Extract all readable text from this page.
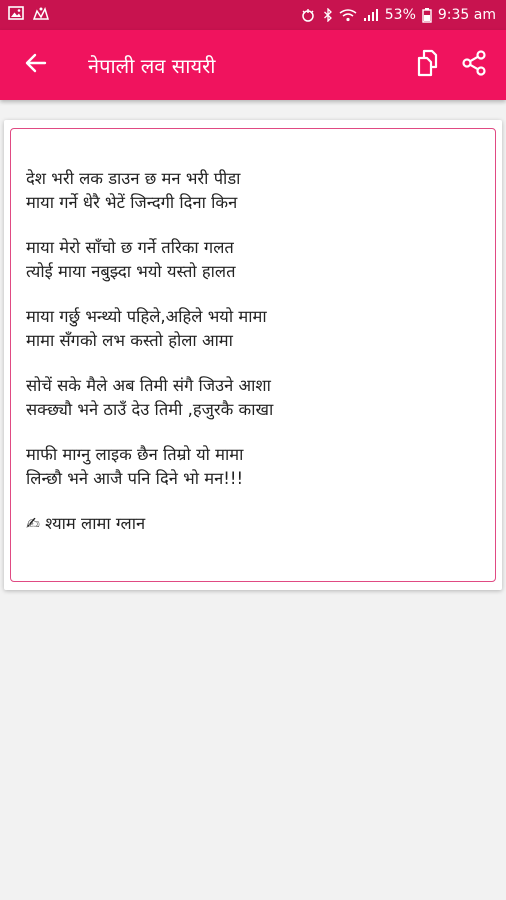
53% 9:35 am
नेपाली लव सायरी
देश भरी लक डाउन छ मन भरी पीडा
माया गर्ने धेरै भेटें जिन्दगी दिना किन
माया मेरो साँचो छ गर्ने तरिका गलत
त्योई माया नबुझ्दा भयो यस्तो हालत
माया गर्छु भन्थ्यो पहिले,अहिले भयो मामा
मामा सँगको लभ कस्तो होला आमा
सोचें सके मैले अब तिमी संगै जिउने आशा
सक्छ्यौ भने ठाउँ देउ तिमी ,हजुरकै काखा
माफी माग्नु लाइक छैन तिम्रो यो मामा
लिन्छौ भने आजै पनि दिने भो मन!!!
✍ श्याम लामा ग्लान
